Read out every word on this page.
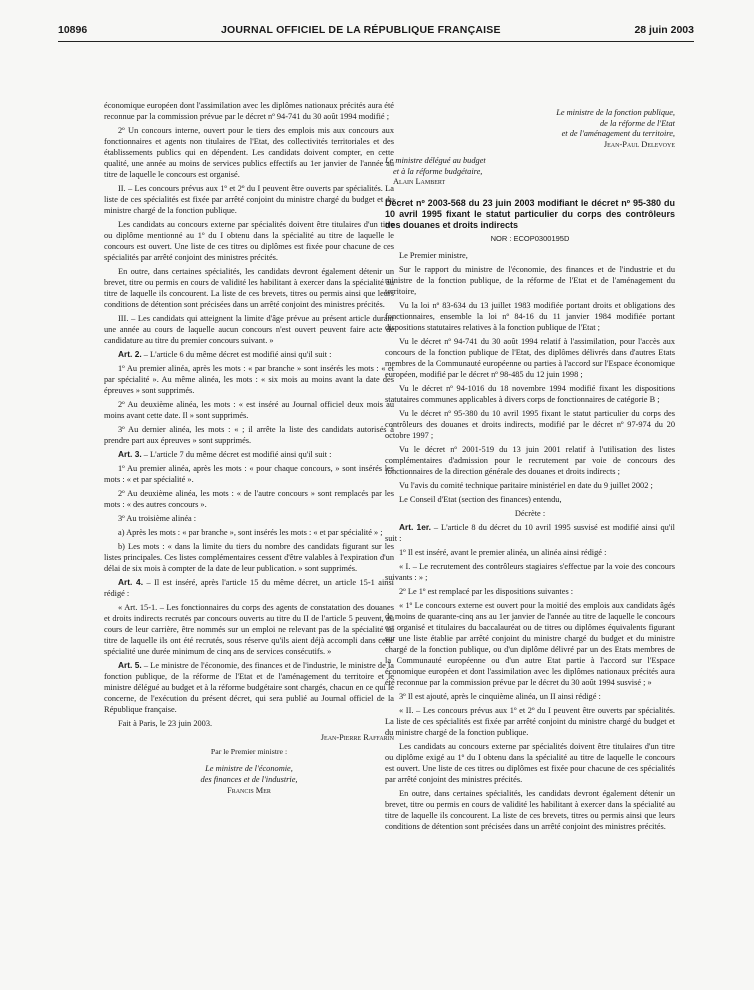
10896	JOURNAL OFFICIEL DE LA RÉPUBLIQUE FRANÇAISE	28 juin 2003

économique européen dont l'assimilation avec les diplômes nationaux précités aura été reconnue par la commission prévue par le décret nº 94-741 du 30 août 1994 modifié ;

2º Un concours interne, ouvert pour le tiers des emplois mis aux concours aux fonctionnaires et agents non titulaires de l'Etat, des collectivités territoriales et des établissements publics qui en dépendent. Les candidats doivent compter, en cette qualité, une année au moins de services publics effectifs au 1er janvier de l'année au titre de laquelle le concours est organisé.

II. – Les concours prévus aux 1º et 2º du I peuvent être ouverts par spécialités. La liste de ces spécialités est fixée par arrêté conjoint du ministre chargé du budget et du ministre chargé de la fonction publique.

Les candidats au concours externe par spécialités doivent être titulaires d'un titre ou diplôme mentionné au 1º du I obtenu dans la spécialité au titre de laquelle le concours est ouvert. Une liste de ces titres ou diplômes est fixée pour chacune de ces spécialités par arrêté conjoint des ministres précités.

En outre, dans certaines spécialités, les candidats devront également détenir un brevet, titre ou permis en cours de validité les habilitant à exercer dans la spécialité au titre de laquelle ils concourent. La liste de ces brevets, titres ou permis ainsi que leurs conditions de détention sont précisées dans un arrêté conjoint des ministres précités.

III. – Les candidats qui atteignent la limite d'âge prévue au présent article durant une année au cours de laquelle aucun concours n'est ouvert peuvent faire acte de candidature au titre du premier concours suivant. »

Art. 2. – L'article 6 du même décret est modifié ainsi qu'il suit :

1º Au premier alinéa, après les mots : « par branche » sont insérés les mots : « et par spécialité ». Au même alinéa, les mots : « six mois au moins avant la date des épreuves » sont supprimés.

2º Au deuxième alinéa, les mots : « est inséré au Journal officiel deux mois au moins avant cette date. Il » sont supprimés.

3º Au dernier alinéa, les mots : « ; il arrête la liste des candidats autorisés à prendre part aux épreuves » sont supprimés.

Art. 3. – L'article 7 du même décret est modifié ainsi qu'il suit :

1º Au premier alinéa, après les mots : « pour chaque concours, » sont insérés les mots : « et par spécialité ».

2º Au deuxième alinéa, les mots : « de l'autre concours » sont remplacés par les mots : « des autres concours ».

3º Au troisième alinéa :

a) Après les mots : « par branche », sont insérés les mots : « et par spécialité » ;

b) Les mots : « dans la limite du tiers du nombre des candidats figurant sur les listes principales. Ces listes complémentaires cessent d'être valables à l'expiration d'un délai de six mois à compter de la date de leur publication. » sont supprimés.

Art. 4. – Il est inséré, après l'article 15 du même décret, un article 15-1 ainsi rédigé :

« Art. 15-1. – Les fonctionnaires du corps des agents de constatation des douanes et droits indirects recrutés par concours ouverts au titre du II de l'article 5 peuvent, au cours de leur carrière, être nommés sur un emploi ne relevant pas de la spécialité au titre de laquelle ils ont été recrutés, sous réserve qu'ils aient déjà accompli dans cette spécialité une durée minimum de cinq ans de services consécutifs. »

Art. 5. – Le ministre de l'économie, des finances et de l'industrie, le ministre de la fonction publique, de la réforme de l'Etat et de l'aménagement du territoire et le ministre délégué au budget et à la réforme budgétaire sont chargés, chacun en ce qui le concerne, de l'exécution du présent décret, qui sera publié au Journal officiel de la République française.

Fait à Paris, le 23 juin 2003.

Jean-Pierre Raffarin

Par le Premier ministre :
Le ministre de l'économie,
des finances et de l'industrie,
Francis Mer
Le ministre de la fonction publique,
de la réforme de l'Etat
et de l'aménagement du territoire,
Jean-Paul Delevoye
Le ministre délégué au budget
et à la réforme budgétaire,
Alain Lambert
Décret nº 2003-568 du 23 juin 2003 modifiant le décret nº 95-380 du 10 avril 1995 fixant le statut particulier du corps des contrôleurs des douanes et droits indirects
NOR : ECOP0300195D

Le Premier ministre,

Sur le rapport du ministre de l'économie, des finances et de l'industrie et du ministre de la fonction publique, de la réforme de l'Etat et de l'aménagement du territoire,

Vu la loi nº 83-634 du 13 juillet 1983 modifiée portant droits et obligations des fonctionnaires, ensemble la loi nº 84-16 du 11 janvier 1984 modifiée portant dispositions statutaires relatives à la fonction publique de l'Etat ;

Vu le décret nº 94-741 du 30 août 1994 relatif à l'assimilation, pour l'accès aux concours de la fonction publique de l'Etat, des diplômes délivrés dans d'autres Etats membres de la Communauté européenne ou parties à l'accord sur l'Espace économique européen, modifié par le décret nº 98-485 du 12 juin 1998 ;

Vu le décret nº 94-1016 du 18 novembre 1994 modifié fixant les dispositions statutaires communes applicables à divers corps de fonctionnaires de catégorie B ;

Vu le décret nº 95-380 du 10 avril 1995 fixant le statut particulier du corps des contrôleurs des douanes et droits indirects, modifié par le décret nº 97-974 du 20 octobre 1997 ;

Vu le décret nº 2001-519 du 13 juin 2001 relatif à l'utilisation des listes complémentaires d'admission pour le recrutement par voie de concours des fonctionnaires de la direction générale des douanes et droits indirects ;

Vu l'avis du comité technique paritaire ministériel en date du 9 juillet 2002 ;

Le Conseil d'Etat (section des finances) entendu,

Décrète :

Art. 1er. – L'article 8 du décret du 10 avril 1995 susvisé est modifié ainsi qu'il suit :

1º Il est inséré, avant le premier alinéa, un alinéa ainsi rédigé :

« I. – Le recrutement des contrôleurs stagiaires s'effectue par la voie des concours suivants : » ;

2º Le 1º est remplacé par les dispositions suivantes :

« 1º Le concours externe est ouvert pour la moitié des emplois aux candidats âgés de moins de quarante-cinq ans au 1er janvier de l'année au titre de laquelle le concours est organisé et titulaires du baccalauréat ou de titres ou diplômes équivalents figurant sur une liste établie par arrêté conjoint du ministre chargé du budget et du ministre chargé de la fonction publique, ou d'un diplôme délivré par un des Etats membres de la Communauté européenne ou d'un autre Etat partie à l'accord sur l'Espace économique européen et dont l'assimilation avec les diplômes nationaux précités aura été reconnue par la commission prévue par le décret du 30 août 1994 susvisé ; »

3º Il est ajouté, après le cinquième alinéa, un II ainsi rédigé :

« II. – Les concours prévus aux 1º et 2º du I peuvent être ouverts par spécialités. La liste de ces spécialités est fixée par arrêté conjoint du ministre chargé du budget et du ministre chargé de la fonction publique.

Les candidats au concours externe par spécialités doivent être titulaires d'un titre ou diplôme exigé au 1º du I obtenu dans la spécialité au titre de laquelle le concours est ouvert. Une liste de ces titres ou diplômes est fixée pour chacune de ces spécialités par arrêté conjoint des ministres précités.

En outre, dans certaines spécialités, les candidats devront également détenir un brevet, titre ou permis en cours de validité les habilitant à exercer dans la spécialité au titre de laquelle ils concourent. La liste de ces brevets, titres ou permis ainsi que leurs conditions de détention sont précisées dans un arrêté conjoint des ministres précités.
